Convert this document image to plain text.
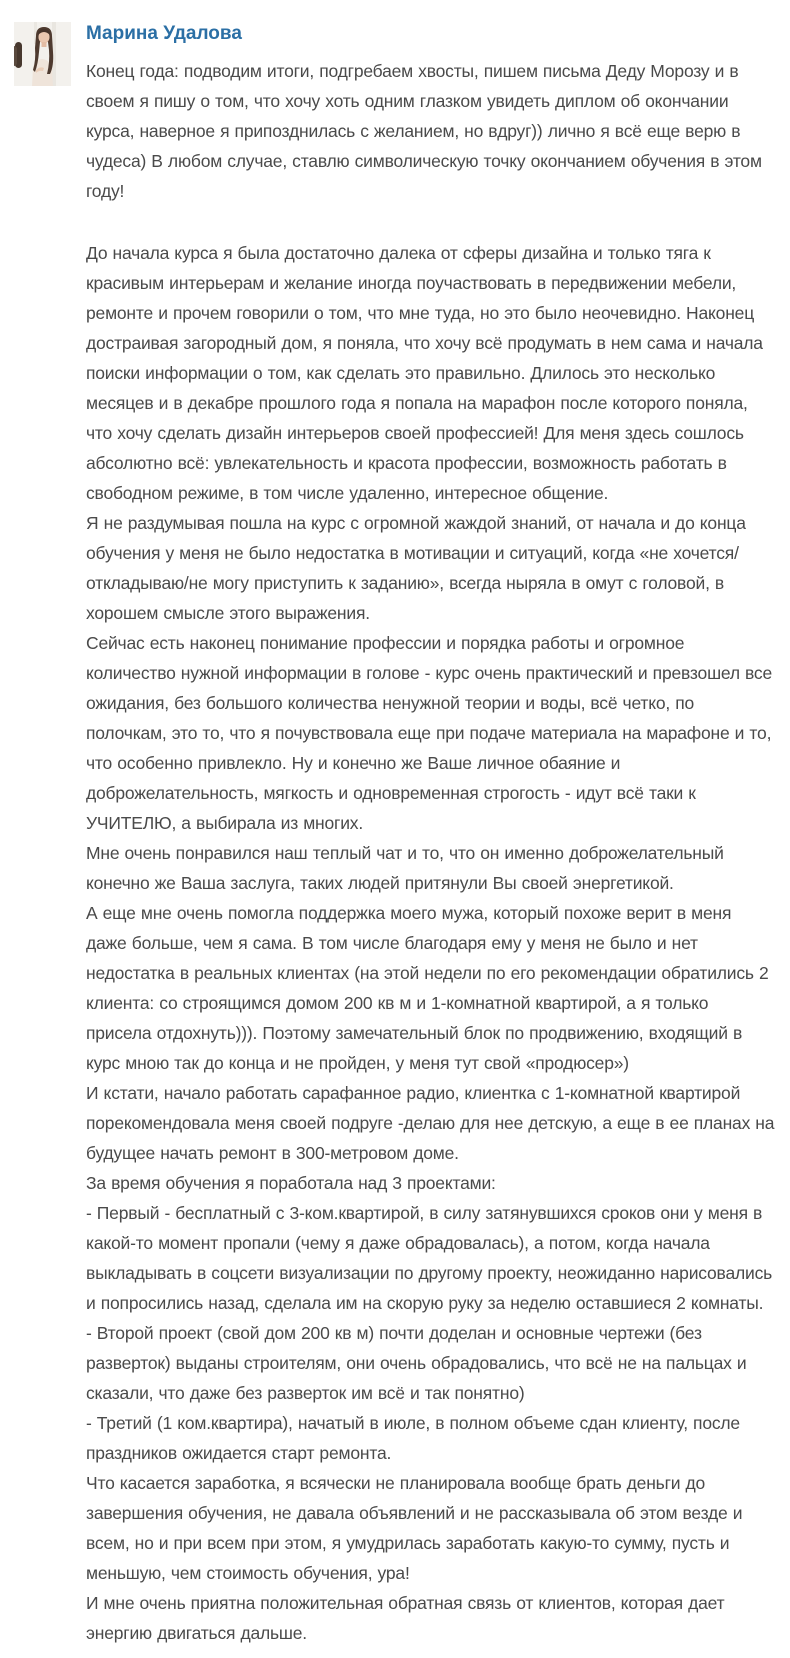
Марина Удалова

Конец года: подводим итоги, подгребаем хвосты, пишем письма Деду Морозу и в своем я пишу о том, что хочу хоть одним глазком увидеть диплом об окончании курса, наверное я припозднилась с желанием, но вдруг)) лично я всё еще верю в чудеса) В любом случае, ставлю символическую точку окончанием обучения в этом году!

До начала курса я была достаточно далека от сферы дизайна и только тяга к красивым интерьерам и желание иногда поучаствовать в передвижении мебели, ремонте и прочем говорили о том, что мне туда, но это было неочевидно. Наконец достраивая загородный дом, я поняла, что хочу всё продумать в нем сама и начала поиски информации о том, как сделать это правильно. Длилось это несколько месяцев и в декабре прошлого года я попала на марафон после которого поняла, что хочу сделать дизайн интерьеров своей профессией! Для меня здесь сошлось абсолютно всё: увлекательность и красота профессии, возможность работать в свободном режиме, в том числе удаленно, интересное общение.

Я не раздумывая пошла на курс с огромной жаждой знаний, от начала и до конца обучения у меня не было недостатка в мотивации и ситуаций, когда «не хочется/откладываю/не могу приступить к заданию», всегда ныряла в омут с головой, в хорошем смысле этого выражения.

Сейчас есть наконец понимание профессии и порядка работы и огромное количество нужной информации в голове - курс очень практический и превзошел все ожидания, без большого количества ненужной теории и воды, всё четко, по полочкам, это то, что я почувствовала еще при подаче материала на марафоне и то, что особенно привлекло. Ну и конечно же Ваше личное обаяние и доброжелательность, мягкость и одновременная строгость - идут всё таки к УЧИТЕЛЮ, а выбирала из многих.

Мне очень понравился наш теплый чат и то, что он именно доброжелательный конечно же Ваша заслуга, таких людей притянули Вы своей энергетикой.

А еще мне очень помогла поддержка моего мужа, который похоже верит в меня даже больше, чем я сама. В том числе благодаря ему у меня не было и нет недостатка в реальных клиентах (на этой недели по его рекомендации обратились 2 клиента: со строящимся домом 200 кв м и 1-комнатной квартирой, а я только присела отдохнуть))). Поэтому замечательный блок по продвижению, входящий в курс мною так до конца и не пройден, у меня тут свой «продюсер»)

И кстати, начало работать сарафанное радио, клиентка с 1-комнатной квартирой порекомендовала меня своей подруге -делаю для нее детскую, а еще в ее планах на будущее начать ремонт в 300-метровом доме.

За время обучения я поработала над 3 проектами:

- Первый - бесплатный с 3-ком.квартирой, в силу затянувшихся сроков они у меня в какой-то момент пропали (чему я даже обрадовалась), а потом, когда начала выкладывать в соцсети визуализации по другому проекту, неожиданно нарисовались и попросились назад, сделала им на скорую руку за неделю оставшиеся 2 комнаты.

- Второй проект (свой дом 200 кв м) почти доделан и основные чертежи (без разверток) выданы строителям, они очень обрадовались, что всё не на пальцах и сказали, что даже без разверток им всё и так понятно)

- Третий (1 ком.квартира), начатый в июле, в полном объеме сдан клиенту, после праздников ожидается старт ремонта.

Что касается заработка, я всячески не планировала вообще брать деньги до завершения обучения, не давала объявлений и не рассказывала об этом везде и всем, но и при всем при этом, я умудрилась заработать какую-то сумму, пусть и меньшую, чем стоимость обучения, ура!

И мне очень приятна положительная обратная связь от клиентов, которая дает энергию двигаться дальше.
